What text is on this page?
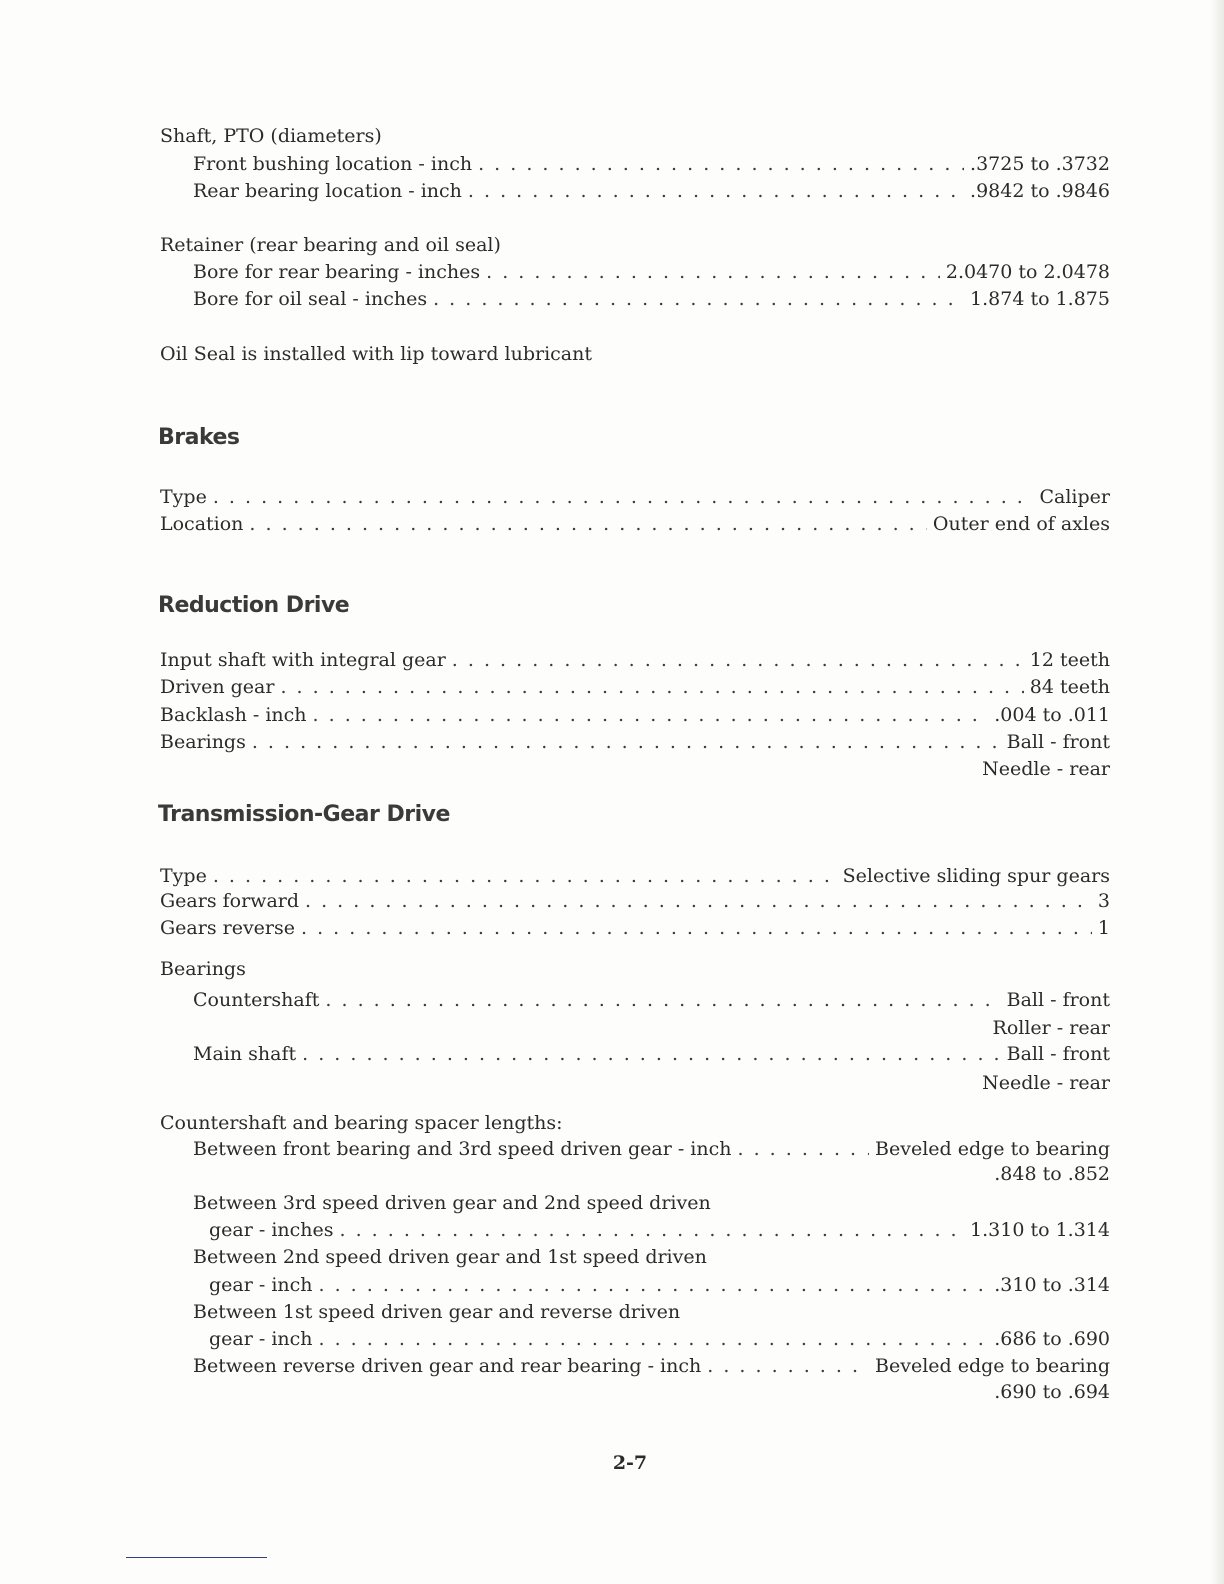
Shaft, PTO (diameters)
Front bushing location - inch . . .	.3725 to .3732
Rear bearing location - inch . . .	.9842 to .9846
Retainer (rear bearing and oil seal)
Bore for rear bearing - inches . . .	2.0470 to 2.0478
Bore for oil seal - inches . . .	1.874 to 1.875
Oil Seal is installed with lip toward lubricant
Brakes
Type . . .	Caliper
Location . . .	Outer end of axles
Reduction Drive
Input shaft with integral gear . . .	12 teeth
Driven gear . . .	84 teeth
Backlash - inch . . .	.004 to .011
Bearings . . .	Ball - front
Needle - rear
Transmission-Gear Drive
Type . . .	Selective sliding spur gears
Gears forward . . .	3
Gears reverse . . .	1
Bearings
Countershaft . . .	Ball - front
Roller - rear
Main shaft . . .	Ball - front
Needle - rear
Countershaft and bearing spacer lengths:
Between front bearing and 3rd speed driven gear - inch . . .	Beveled edge to bearing
.848 to .852
Between 3rd speed driven gear and 2nd speed driven
gear - inches . . .	1.310 to 1.314
Between 2nd speed driven gear and 1st speed driven
gear - inch . . .	.310 to .314
Between 1st speed driven gear and reverse driven
gear - inch . . .	.686 to .690
Between reverse driven gear and rear bearing - inch . . .	Beveled edge to bearing
.690 to .694
2-7
